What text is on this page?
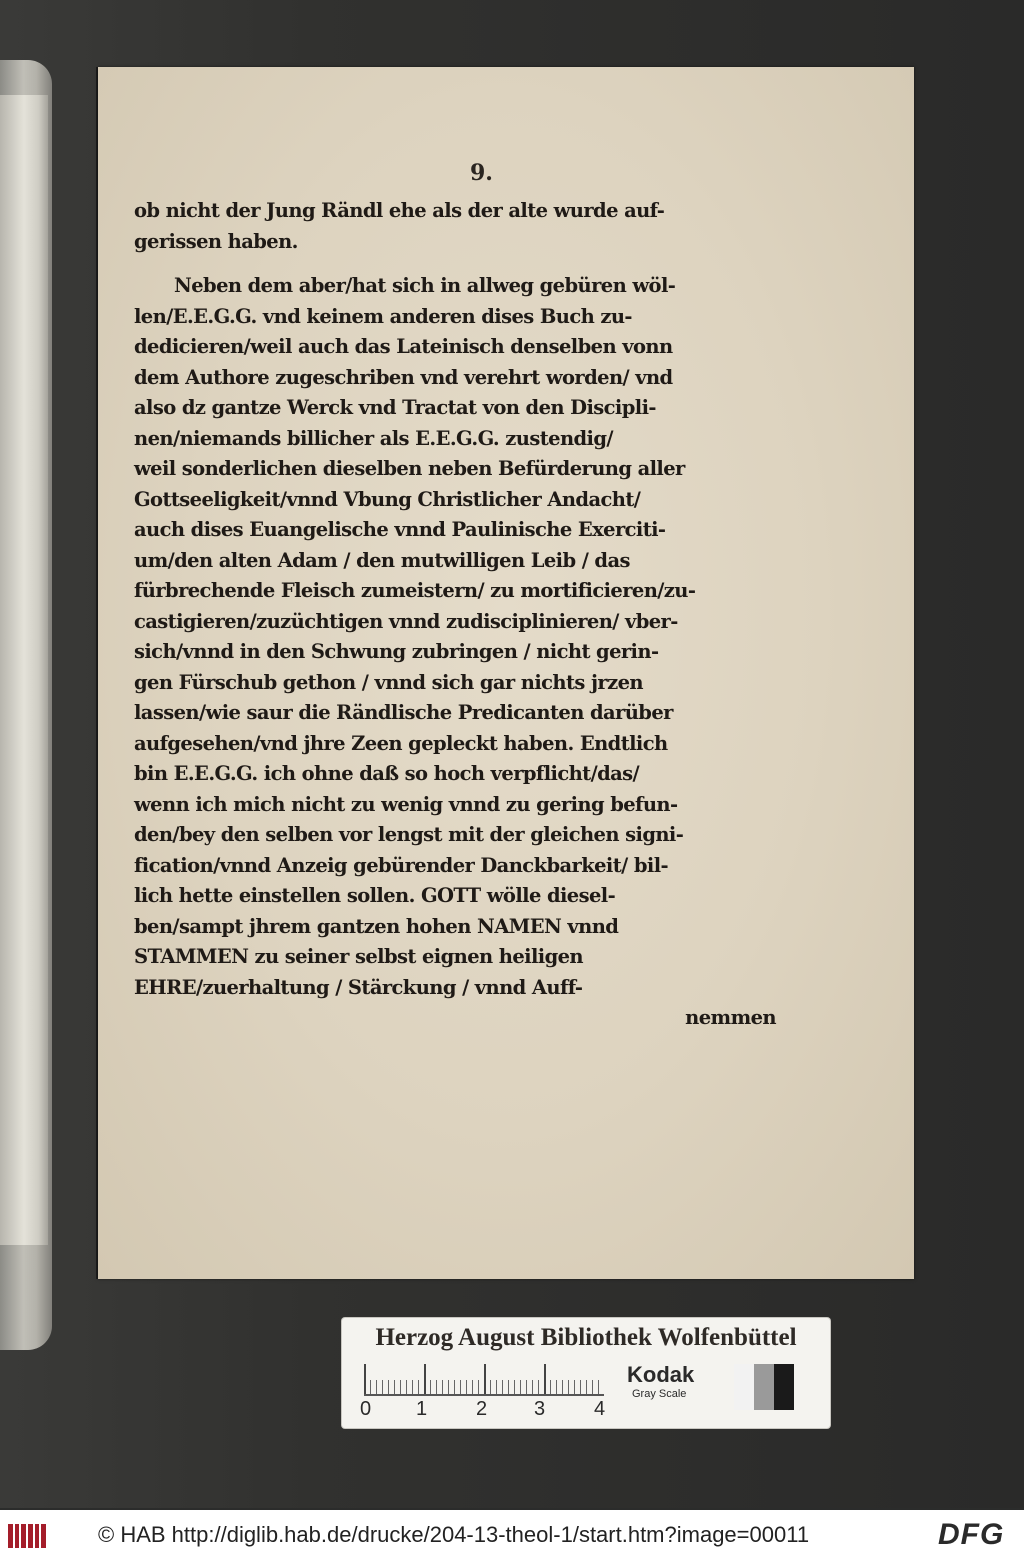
9.
ob nicht der Jung Rändl ehe als der alte wurde auf-
gerissen haben.
Neben dem aber/hat sich in allweg gebüren wöl-
len/E.E.G.G. vnd keinem anderen dises Buch zu-
dedicieren/weil auch das Lateinisch denselben vonn
dem Authore zugeschriben vnd verehrt worden/ vnd
also dz gantze Werck vnd Tractat von den Discipli-
nen/niemands billicher als E.E.G.G. zustendig/
weil sonderlichen dieselben neben Befürderung aller
Gottseeligkeit/vnnd Vbung Christlicher Andacht/
auch dises Euangelische vnnd Paulinische Exerciti-
um/den alten Adam / den mutwilligen Leib / das
fürbrechende Fleisch zumeistern/ zu mortificieren/zu-
castigieren/zuzüchtigen vnnd zudisciplinieren/ vber-
sich/vnnd in den Schwung zubringen / nicht gerin-
gen Fürschub gethon / vnnd sich gar nichts jrzen
lassen/wie saur die Rändlische Predicanten darüber
aufgesehen/vnd jhre Zeen gepleckt haben. Endtlich
bin E.E.G.G. ich ohne daß so hoch verpflicht/das/
wenn ich mich nicht zu wenig vnnd zu gering befun-
den/bey den selben vor lengst mit der gleichen signi-
fication/vnnd Anzeig gebürender Danckbarkeit/ bil-
lich hette einstellen sollen. GOTT wölle diesel-
ben/sampt jhrem gantzen hohen NAMEN vnnd
STAMMEN zu seiner selbst eignen heiligen
EHRE/zuerhaltung / Stärckung / vnnd Auff-
nemmen
Herzog August Bibliothek Wolfenbüttel
0 1 2 3 4
Kodak
Gray Scale
© HAB http://diglib.hab.de/drucke/204-13-theol-1/start.htm?image=00011	DFG
